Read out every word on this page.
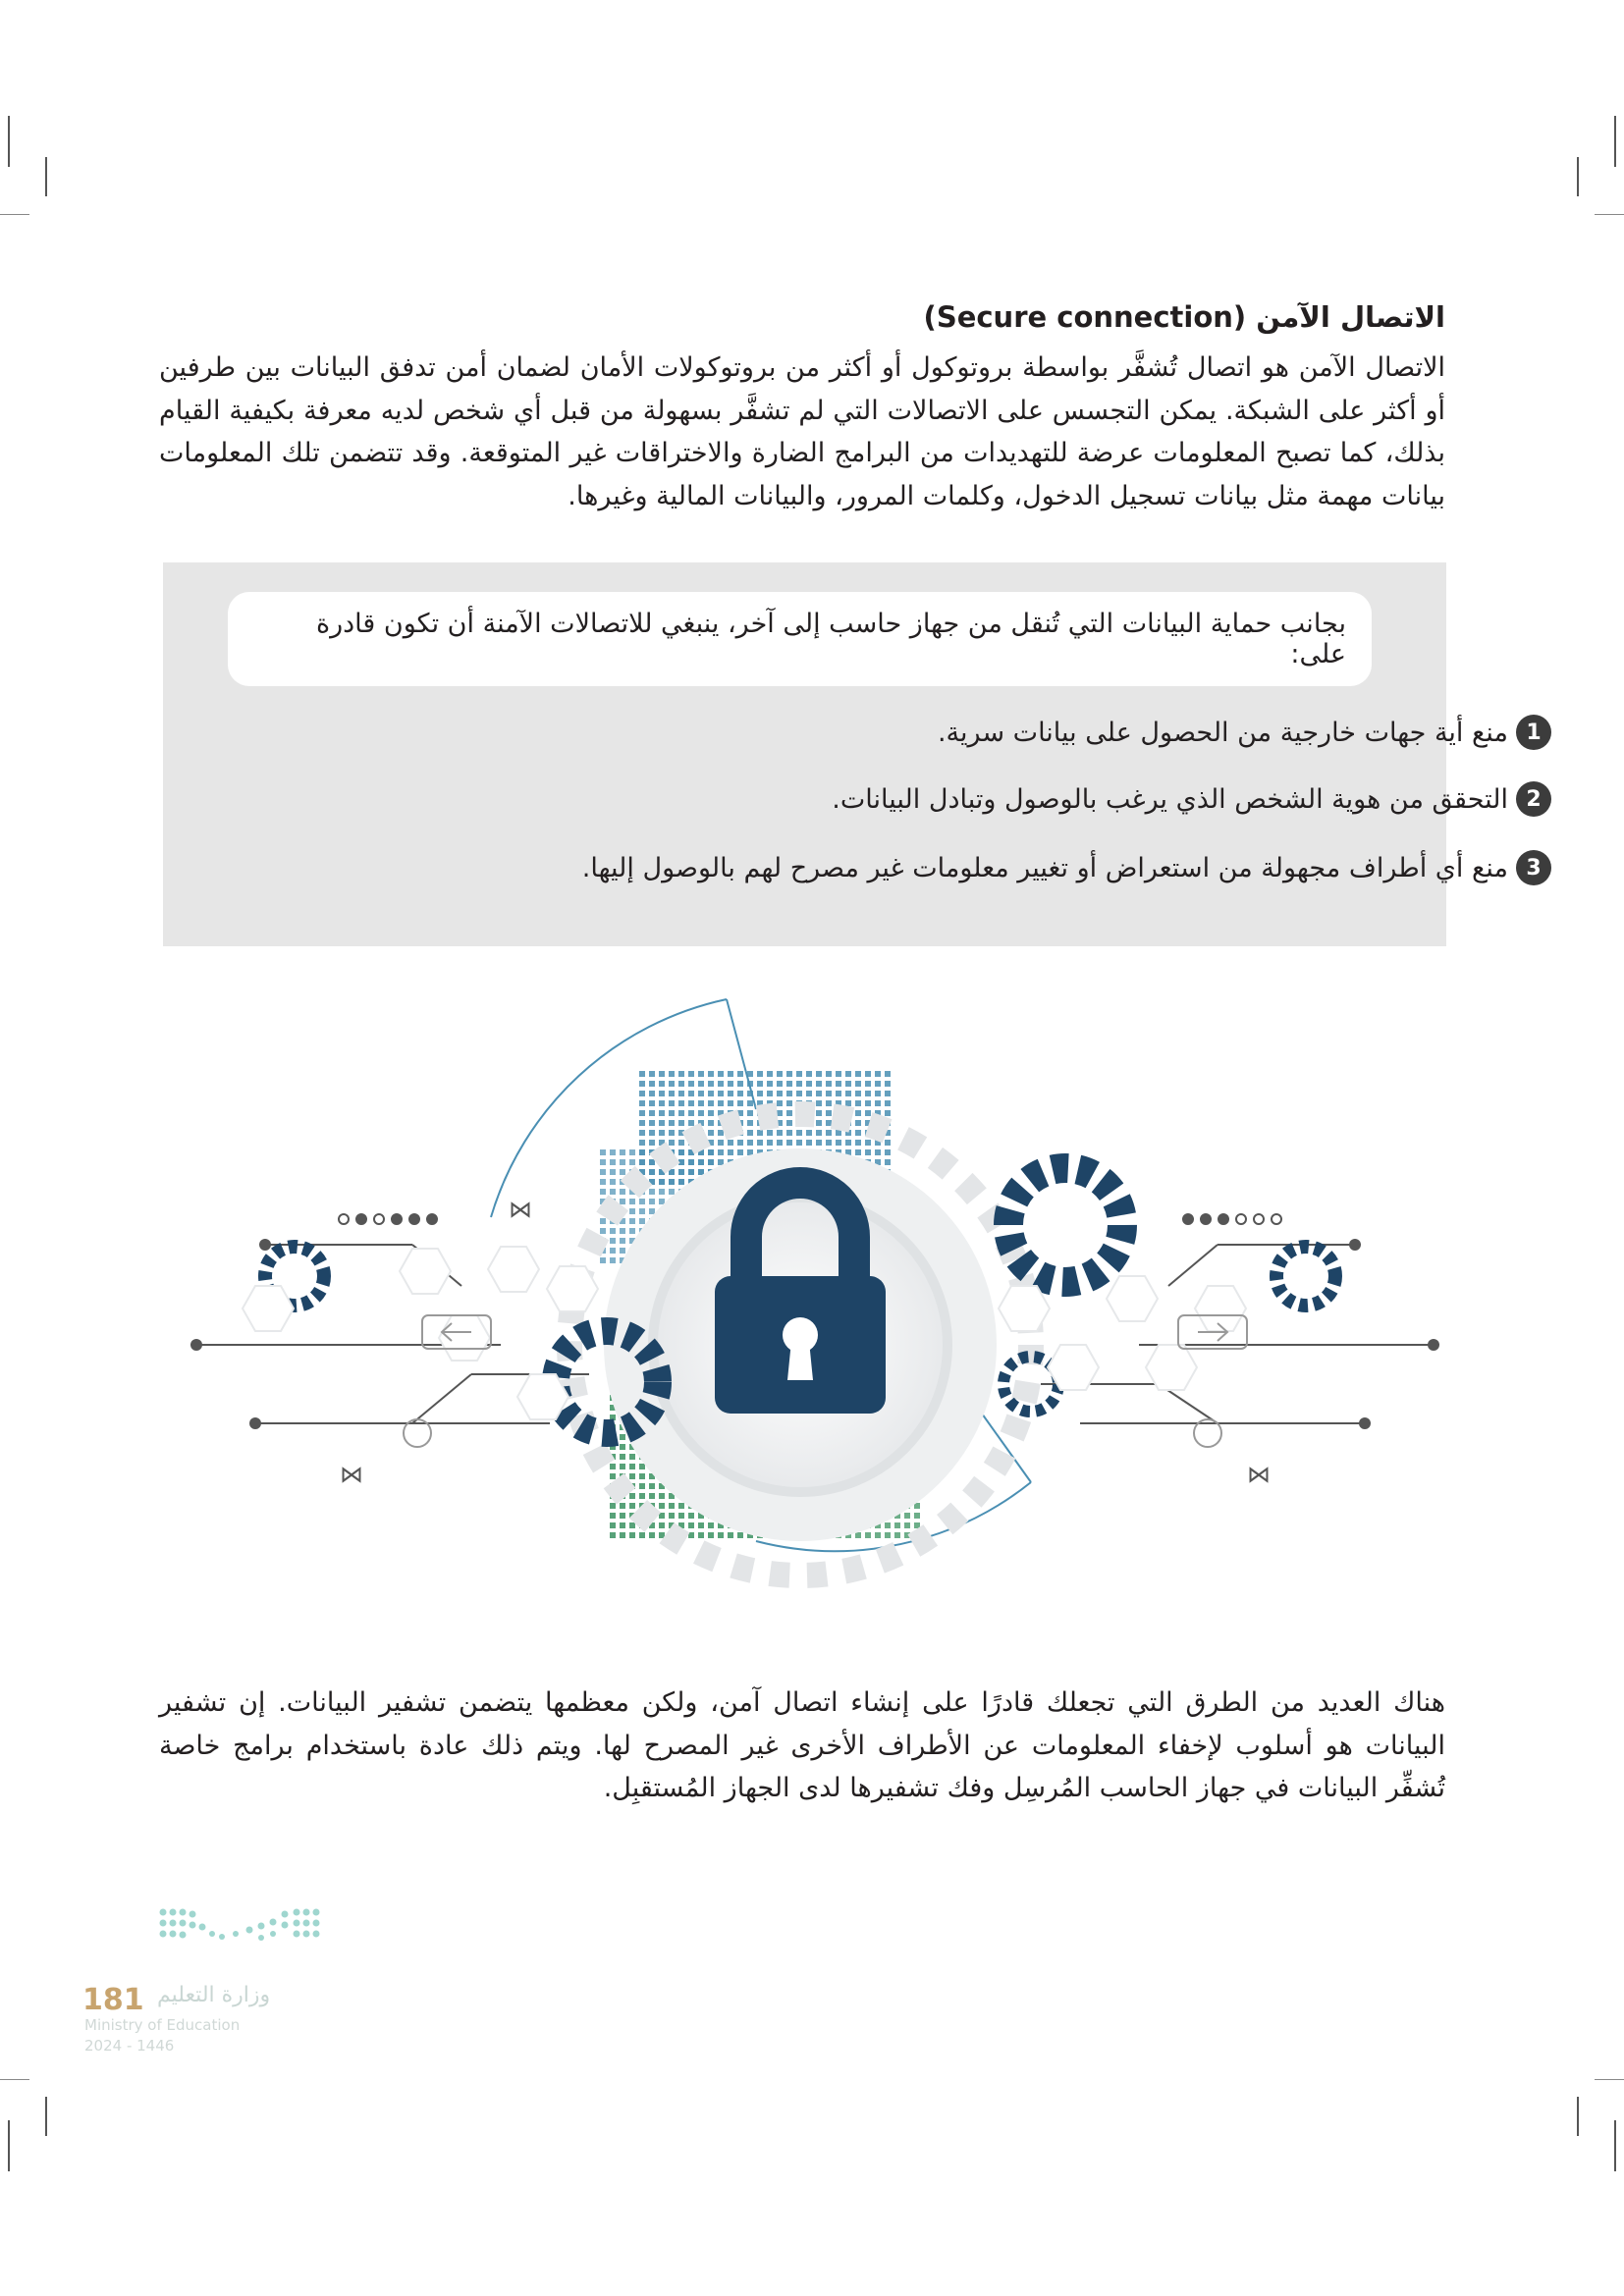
الاتصال الآمن (Secure connection)

الاتصال الآمن هو اتصال تُشفَّر بواسطة بروتوكول أو أكثر من بروتوكولات الأمان لضمان أمن تدفق البيانات بين طرفين أو أكثر على الشبكة. يمكن التجسس على الاتصالات التي لم تشفَّر بسهولة من قبل أي شخص لديه معرفة بكيفية القيام بذلك، كما تصبح المعلومات عرضة للتهديدات من البرامج الضارة والاختراقات غير المتوقعة. وقد تتضمن تلك المعلومات بيانات مهمة مثل بيانات تسجيل الدخول، وكلمات المرور، والبيانات المالية وغيرها.

بجانب حماية البيانات التي تُنقل من جهاز حاسب إلى آخر، ينبغي للاتصالات الآمنة أن تكون قادرة على:
1
منع أية جهات خارجية من الحصول على بيانات سرية.
2
التحقق من هوية الشخص الذي يرغب بالوصول وتبادل البيانات.
3
منع أي أطراف مجهولة من استعراض أو تغيير معلومات غير مصرح لهم بالوصول إليها.
⋈
⋈	⋈

هناك العديد من الطرق التي تجعلك قادرًا على إنشاء اتصال آمن، ولكن معظمها يتضمن تشفير البيانات. إن تشفير البيانات هو أسلوب لإخفاء المعلومات عن الأطراف الأخرى غير المصرح لها. ويتم ذلك عادة باستخدام برامج خاصة تُشفِّر البيانات في جهاز الحاسب المُرسِل وفك تشفيرها لدى الجهاز المُستقبِل.

181 وزارة التعليم
Ministry of Education
2024 - 1446
